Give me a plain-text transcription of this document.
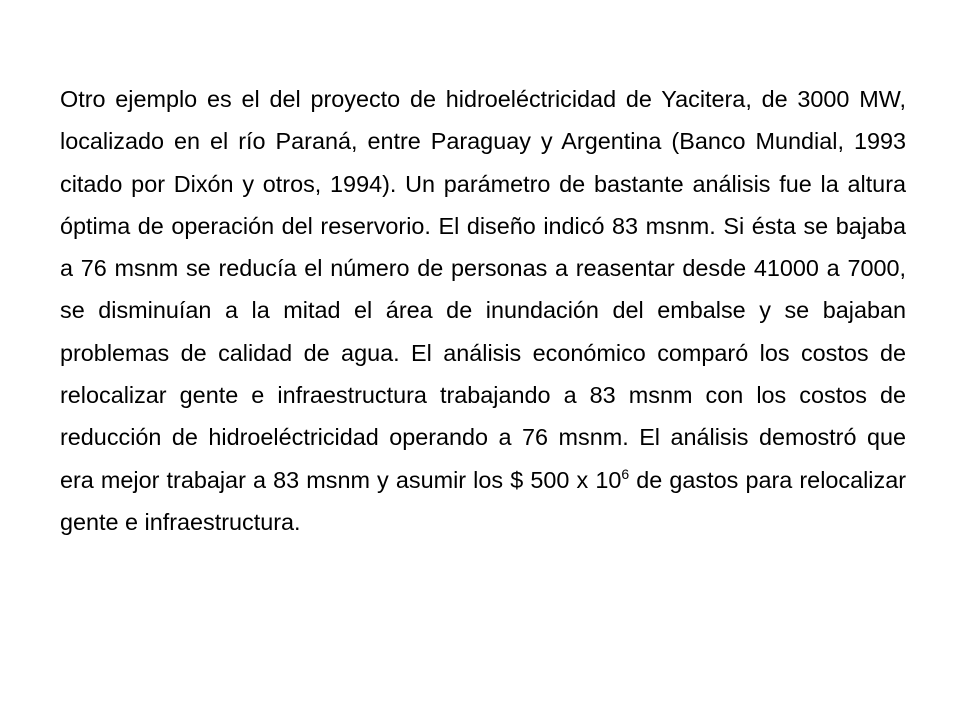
Otro ejemplo es el del proyecto de hidroeléctricidad de Yacitera, de 3000 MW, localizado en el río Paraná, entre Paraguay y Argentina (Banco Mundial, 1993 citado por Dixón y otros, 1994). Un parámetro de bastante análisis fue la altura óptima de operación del reservorio. El diseño indicó 83 msnm. Si ésta se bajaba a 76 msnm se reducía el número de personas a reasentar desde 41000 a 7000, se disminuían a la mitad el área de inundación del embalse y se bajaban problemas de calidad de agua. El análisis económico comparó los costos de relocalizar gente e infraestructura trabajando a 83 msnm con los costos de reducción de hidroeléctricidad operando a 76 msnm. El análisis demostró que era mejor trabajar a 83 msnm y asumir los $ 500 x $10^6$ de gastos para relocalizar gente e infraestructura.
